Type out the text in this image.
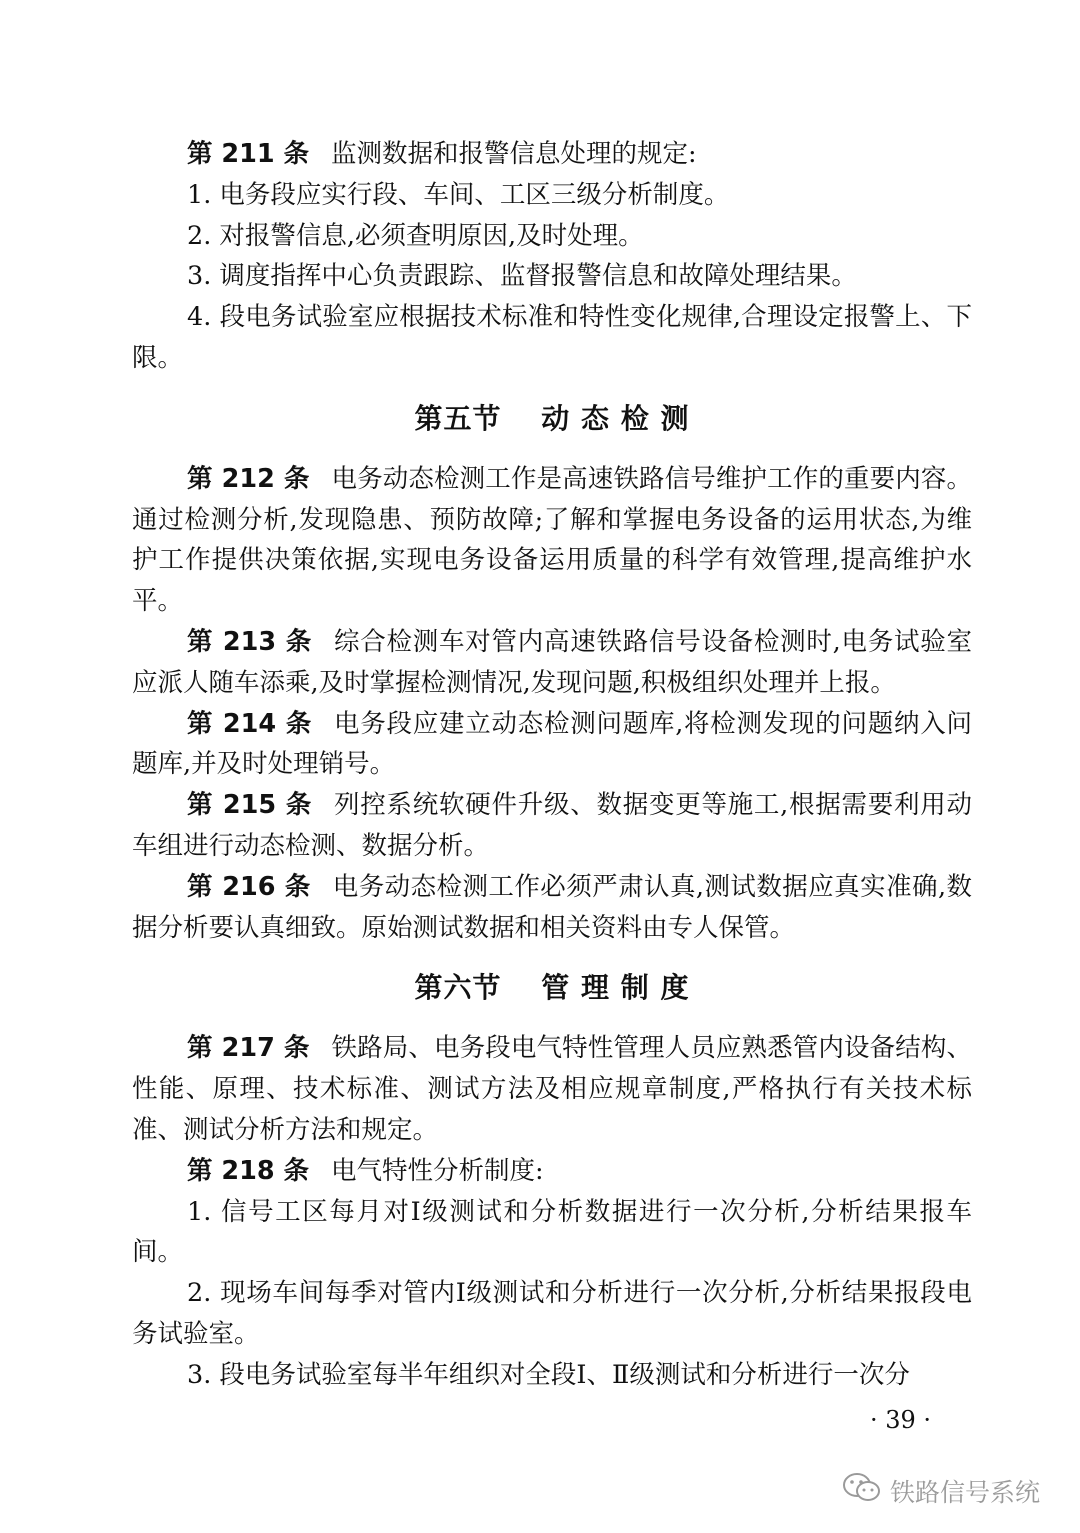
第 211 条 监测数据和报警信息处理的规定:

1. 电务段应实行段、车间、工区三级分析制度。

2. 对报警信息,必须查明原因,及时处理。

3. 调度指挥中心负责跟踪、监督报警信息和故障处理结果。

4. 段电务试验室应根据技术标准和特性变化规律,合理设定报警上、下限。

第五节　 动 态 检 测

第 212 条 电务动态检测工作是高速铁路信号维护工作的重要内容。通过检测分析,发现隐患、预防故障;了解和掌握电务设备的运用状态,为维护工作提供决策依据,实现电务设备运用质量的科学有效管理,提高维护水平。

第 213 条 综合检测车对管内高速铁路信号设备检测时,电务试验室应派人随车添乘,及时掌握检测情况,发现问题,积极组织处理并上报。

第 214 条 电务段应建立动态检测问题库,将检测发现的问题纳入问题库,并及时处理销号。

第 215 条 列控系统软硬件升级、数据变更等施工,根据需要利用动车组进行动态检测、数据分析。

第 216 条 电务动态检测工作必须严肃认真,测试数据应真实准确,数据分析要认真细致。原始测试数据和相关资料由专人保管。

第六节　 管 理 制 度

第 217 条 铁路局、电务段电气特性管理人员应熟悉管内设备结构、性能、原理、技术标准、测试方法及相应规章制度,严格执行有关技术标准、测试分析方法和规定。

第 218 条 电气特性分析制度:

1. 信号工区每月对Ⅰ级测试和分析数据进行一次分析,分析结果报车间。

2. 现场车间每季对管内Ⅰ级测试和分析进行一次分析,分析结果报段电务试验室。

3. 段电务试验室每半年组织对全段Ⅰ、Ⅱ级测试和分析进行一次分

· 39 ·
铁路信号系统
